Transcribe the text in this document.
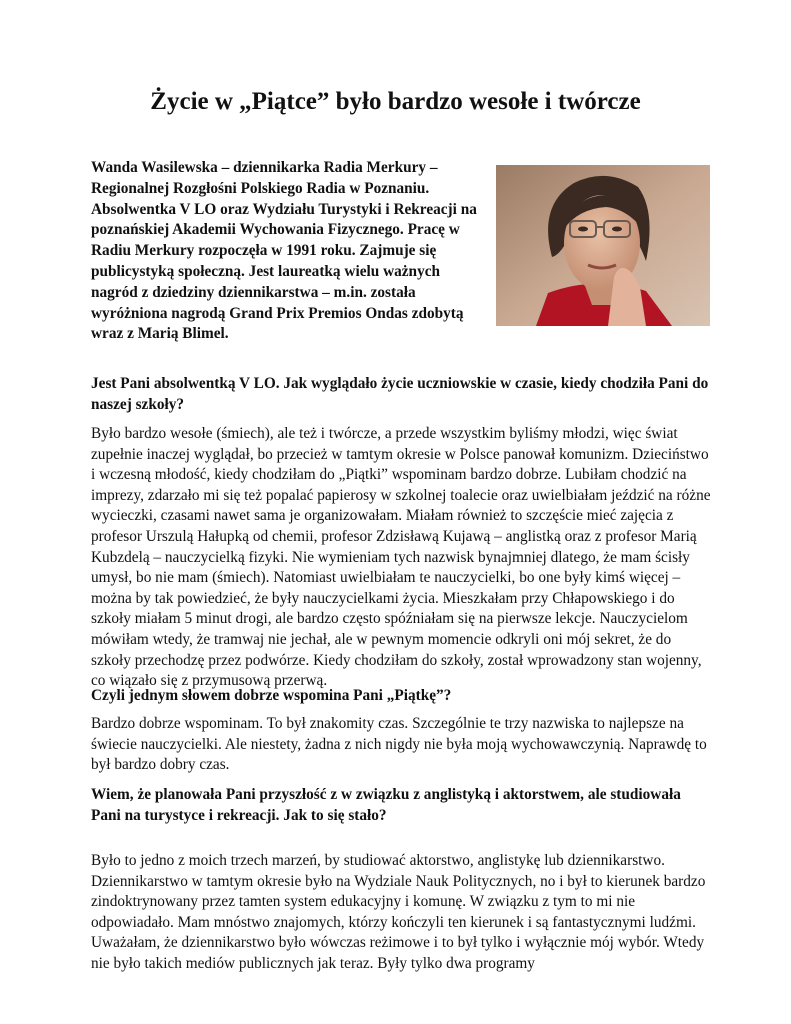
Życie w „Piątce” było bardzo wesołe i twórcze

Wanda Wasilewska – dziennikarka Radia Merkury – Regionalnej Rozgłośni Polskiego Radia w Poznaniu. Absolwentka V LO oraz Wydziału Turystyki i Rekreacji na poznańskiej Akademii Wychowania Fizycznego. Pracę w Radiu Merkury rozpoczęła w 1991 roku. Zajmuje się publicystyką społeczną. Jest laureatką wielu ważnych nagród z dziedziny dziennikarstwa – m.in. została wyróżniona nagrodą Grand Prix Premios Ondas zdobytą wraz z Marią Blimel.

Jest Pani absolwentką V LO. Jak wyglądało życie uczniowskie w czasie, kiedy chodziła Pani do naszej szkoły?

Było bardzo wesołe (śmiech), ale też i twórcze, a przede wszystkim byliśmy młodzi, więc świat zupełnie inaczej wyglądał, bo przecież w tamtym okresie w Polsce panował komunizm. Dzieciństwo i wczesną młodość, kiedy chodziłam do „Piątki” wspominam bardzo dobrze. Lubiłam chodzić na imprezy, zdarzało mi się też popalać papierosy w szkolnej toalecie oraz uwielbiałam jeździć na różne wycieczki, czasami nawet sama je organizowałam. Miałam również to szczęście mieć zajęcia z profesor Urszulą Hałupką od chemii, profesor Zdzisławą Kujawą – anglistką oraz z profesor Marią Kubzdelą – nauczycielką fizyki. Nie wymieniam tych nazwisk bynajmniej dlatego, że mam ścisły umysł, bo nie mam (śmiech). Natomiast uwielbiałam te nauczycielki, bo one były kimś więcej – można by tak powiedzieć, że były nauczycielkami życia. Mieszkałam przy Chłapowskiego i do szkoły miałam 5 minut drogi, ale bardzo często spóźniałam się na pierwsze lekcje. Nauczycielom mówiłam wtedy, że tramwaj nie jechał, ale w pewnym momencie odkryli oni mój sekret, że do szkoły przechodzę przez podwórze. Kiedy chodziłam do szkoły, został wprowadzony stan wojenny, co wiązało się z przymusową przerwą.

Czyli jednym słowem dobrze wspomina Pani „Piątkę”?

Bardzo dobrze wspominam. To był znakomity czas. Szczególnie te trzy nazwiska to najlepsze na świecie nauczycielki. Ale niestety, żadna z nich nigdy nie była moją wychowawczynią. Naprawdę to był bardzo dobry czas.

Wiem, że planowała Pani przyszłość z w związku z anglistyką i aktorstwem, ale studiowała Pani na turystyce i rekreacji. Jak to się stało?

Było to jedno z moich trzech marzeń, by studiować aktorstwo, anglistykę lub dziennikarstwo. Dziennikarstwo w tamtym okresie było na Wydziale Nauk Politycznych, no i był to kierunek bardzo zindoktrynowany przez tamten system edukacyjny i komunę. W związku z tym to mi nie odpowiadało. Mam mnóstwo znajomych, którzy kończyli ten kierunek i są fantastycznymi ludźmi. Uważałam, że dziennikarstwo było wówczas reżimowe i to był tylko i wyłącznie mój wybór. Wtedy nie było takich mediów publicznych jak teraz. Były tylko dwa programy
